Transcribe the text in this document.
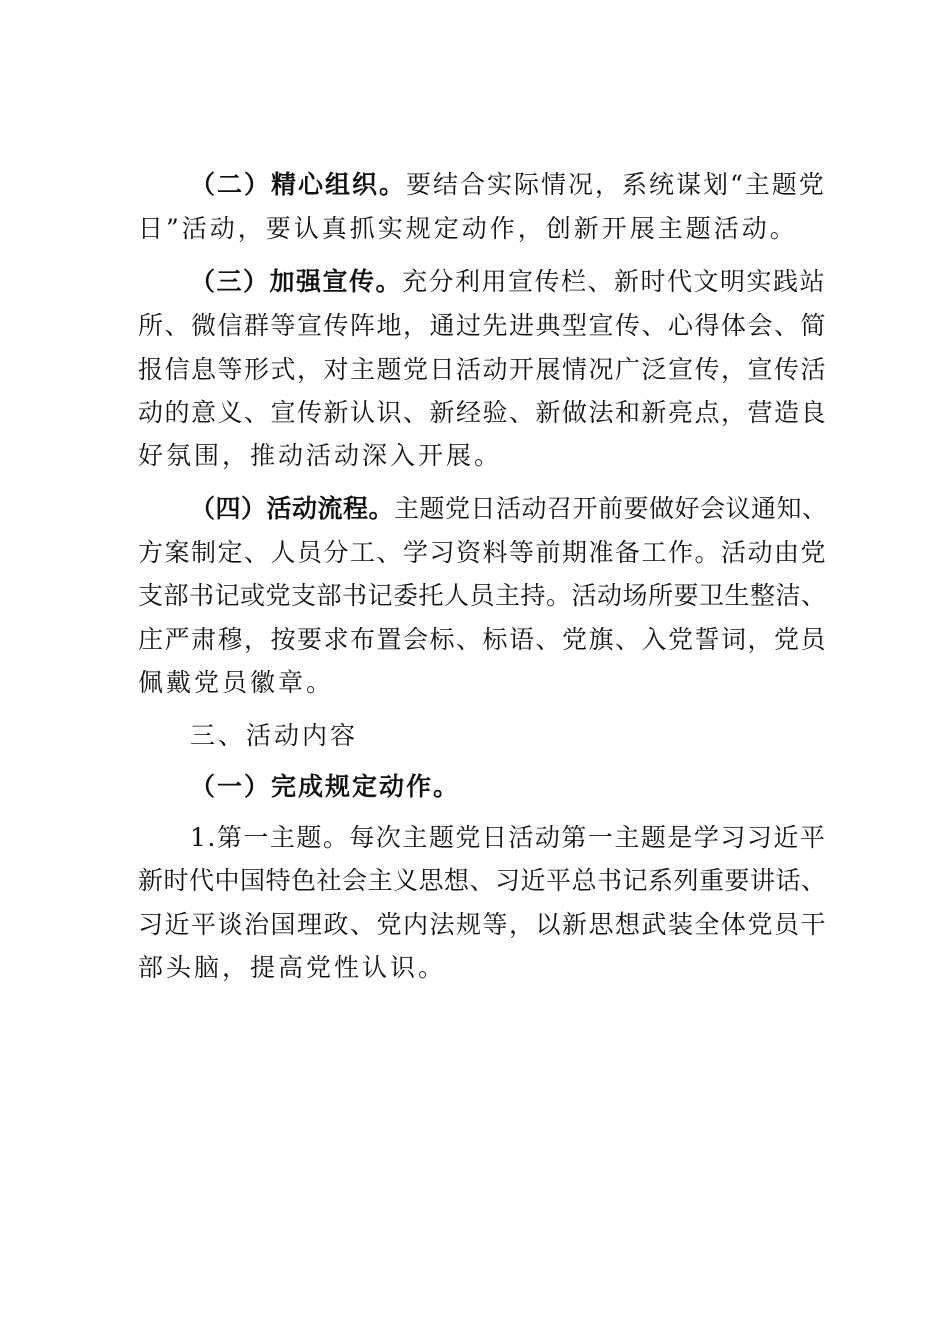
（二）精心组织。要结合实际情况，系统谋划“主题党
日”活动，要认真抓实规定动作，创新开展主题活动。
（三）加强宣传。充分利用宣传栏、新时代文明实践站
所、微信群等宣传阵地，通过先进典型宣传、心得体会、简
报信息等形式，对主题党日活动开展情况广泛宣传，宣传活
动的意义、宣传新认识、新经验、新做法和新亮点，营造良
好氛围，推动活动深入开展。
（四）活动流程。主题党日活动召开前要做好会议通知、
方案制定、人员分工、学习资料等前期准备工作。活动由党
支部书记或党支部书记委托人员主持。活动场所要卫生整洁、
庄严肃穆，按要求布置会标、标语、党旗、入党誓词，党员
佩戴党员徽章。
三、活动内容
（一）完成规定动作。
1.第一主题。每次主题党日活动第一主题是学习习近平
新时代中国特色社会主义思想、习近平总书记系列重要讲话、
习近平谈治国理政、党内法规等，以新思想武装全体党员干
部头脑，提高党性认识。
